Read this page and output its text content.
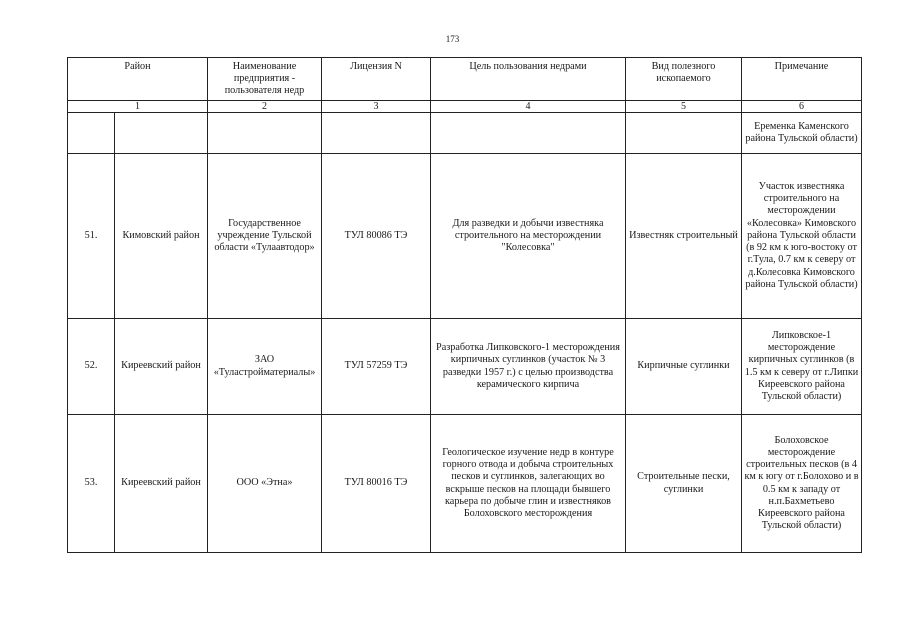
173
Район		Наименование предприятия - пользователя недр	Лицензия N	Цель пользования недрами	Вид полезного ископаемого	Примечание
1		2	3	4	5	6
						Еременка Каменского района Тульской области)
51.	Кимовский район	Государственное учреждение Тульской области «Тулаавтодор»	ТУЛ 80086 ТЭ	Для разведки и добычи известняка строительного на месторождении "Колесовка"	Известняк строительный	Участок известняка строительного на месторождении «Колесовка» Кимовского района Тульской области (в 92 км к юго-востоку от г.Тула, 0.7 км к северу от д.Колесовка Кимовского района Тульской области)
52.	Киреевский район	ЗАО «Туластройматериалы»	ТУЛ 57259 ТЭ	Разработка Липковского-1 месторождения кирпичных суглинков (участок № 3 разведки 1957 г.) с целью производства керамического кирпича	Кирпичные суглинки	Липковское-1 месторождение кирпичных суглинков (в 1.5 км к северу от г.Липки Киреевского района Тульской области)
53.	Киреевский район	ООО «Этна»	ТУЛ 80016 ТЭ	Геологическое изучение недр в контуре горного отвода и добыча строительных песков и суглинков, залегающих во вскрыше песков на площади бывшего карьера по добыче глин и известняков Болоховского месторождения	Строительные пески, суглинки	Болоховское месторождение строительных песков (в 4 км к югу от г.Болохово и в 0.5 км к западу от н.п.Бахметьево Киреевского района Тульской области)
